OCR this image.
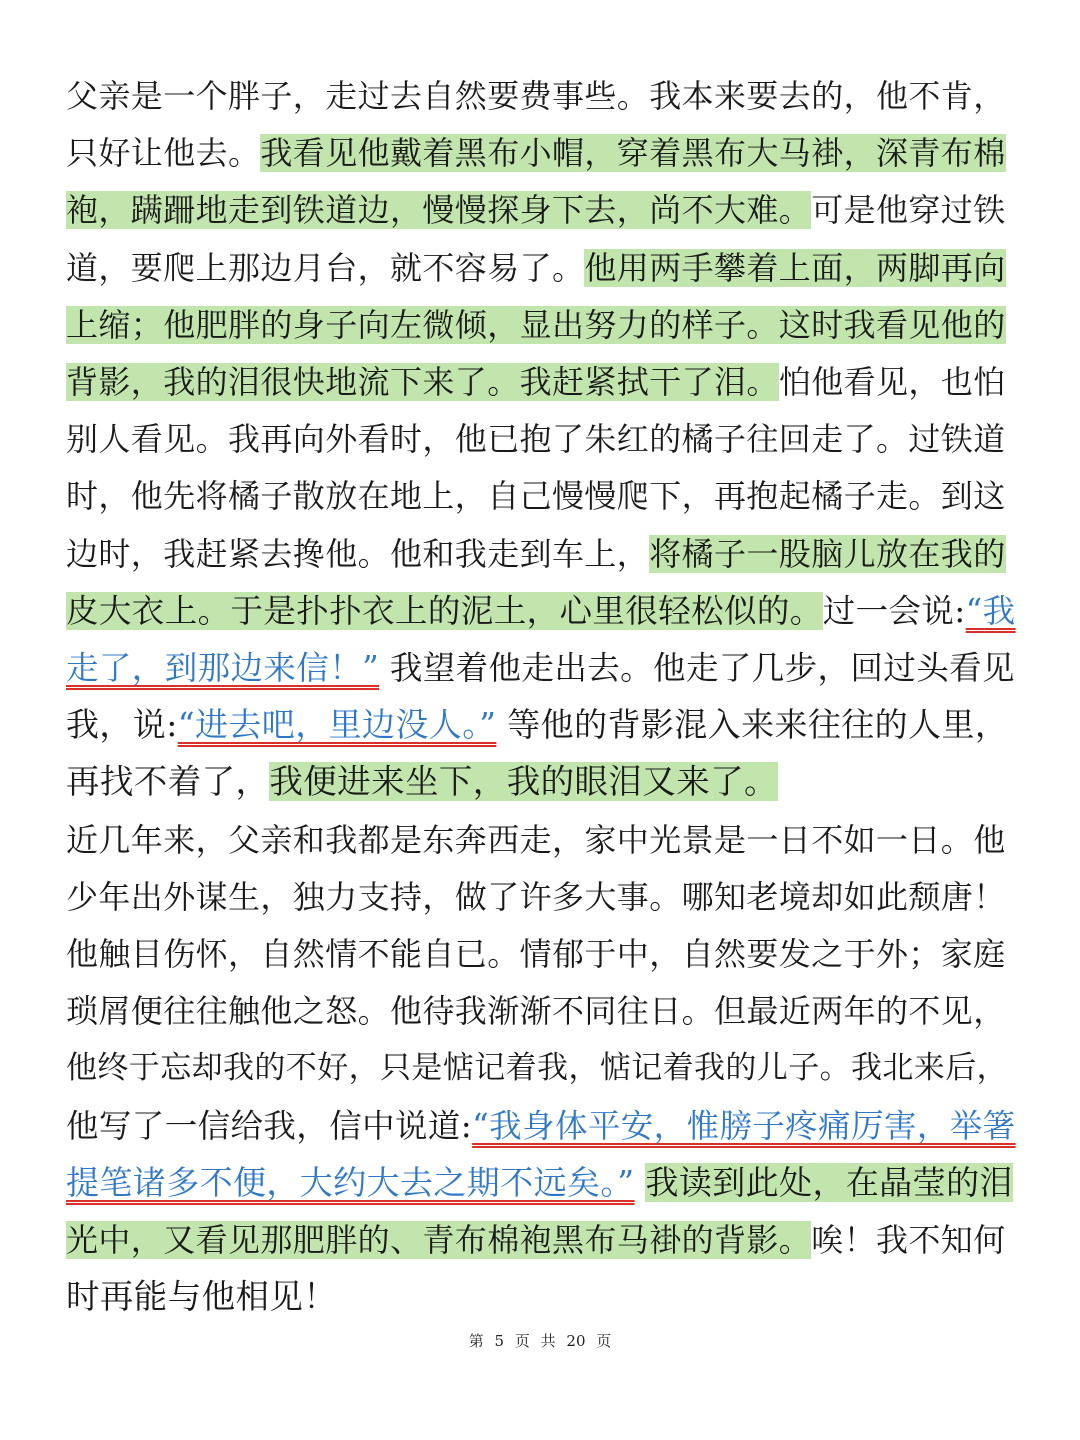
父亲是一个胖子，走过去自然要费事些。我本来要去的，他不肯，
只好让他去。我看见他戴着黑布小帽，穿着黑布大马褂，深青布棉
袍，蹒跚地走到铁道边，慢慢探身下去，尚不大难。可是他穿过铁
道，要爬上那边月台，就不容易了。他用两手攀着上面，两脚再向
上缩；他肥胖的身子向左微倾，显出努力的样子。这时我看见他的
背影，我的泪很快地流下来了。我赶紧拭干了泪。怕他看见，也怕
别人看见。我再向外看时，他已抱了朱红的橘子往回走了。过铁道
时，他先将橘子散放在地上，自己慢慢爬下，再抱起橘子走。到这
边时，我赶紧去搀他。他和我走到车上，将橘子一股脑儿放在我的
皮大衣上。于是扑扑衣上的泥土，心里很轻松似的。过一会说:“我
走了，到那边来信！” 我望着他走出去。他走了几步，回过头看见
我，说:“进去吧，里边没人。” 等他的背影混入来来往往的人里，
再找不着了，我便进来坐下，我的眼泪又来了。
近几年来，父亲和我都是东奔西走，家中光景是一日不如一日。他
少年出外谋生，独力支持，做了许多大事。哪知老境却如此颓唐！
他触目伤怀，自然情不能自已。情郁于中，自然要发之于外；家庭
琐屑便往往触他之怒。他待我渐渐不同往日。但最近两年的不见，
他终于忘却我的不好，只是惦记着我，惦记着我的儿子。我北来后，
他写了一信给我，信中说道:“我身体平安，惟膀子疼痛厉害，举箸
提笔诸多不便，大约大去之期不远矣。” 我读到此处，在晶莹的泪
光中，又看见那肥胖的、青布棉袍黑布马褂的背影。唉！我不知何
时再能与他相见！
第 5 页 共 20 页
